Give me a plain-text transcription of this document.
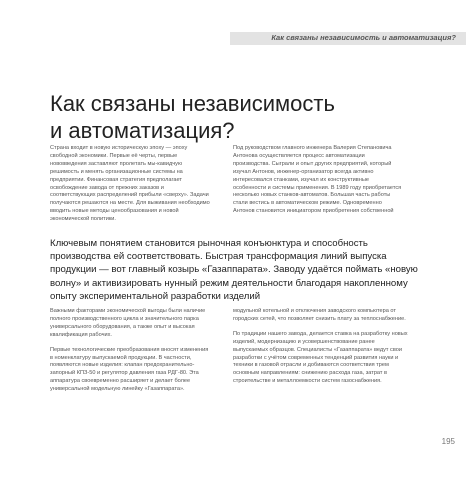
Как связаны независимость и автоматизация?
Как связаны независимость
и автоматизация?

Страна входит в новую историческую эпоху — эпоху свободной экономики. Первые её черты, первые нововведения заставляют пролетать мы-кавидчую решимость и менять организационные системы на предприятии. Финансовая стратегия предполагает освобождение завода от прежних заказов и соответствующих распределений прибыли «сверху». Задачи получаются решаются на месте. Для выживания необходимо вводить новые методы ценообразования и новой экономической политики.

Под руководством главного инженера Валерия Степановича Антонова осуществляется процесс автоматизации производства. Сыграли и опыт других предприятий, который изучал Антонов, инженер-организатор всегда активно интересовался станками, изучал их конструктивные особенности и системы применения. В 1989 году приобретается несколько новых станков-автоматов. Большая часть работы стали вестись в автоматическом режиме. Одновременно Антонов становится инициатором приобретения собственной

Ключевым понятием становится рыночная конъюнктура и способность производства ей соответствовать. Быстрая трансформация линий выпуска продукции — вот главный козырь «Газаппарата». Заводу удаётся поймать «новую волну» и активизировать нунный режим деятельности благодаря накопленному опыту экспериментальной разработки изделий

Важными факторами экономической выгоды были наличие полного производственного цикла и значительного парка универсального оборудования, а также опыт и высокая квалификация рабочих.

Первые технологические преобразования вносят изменения в номенклатуру выпускаемой продукции. В частности, появляются новые изделия: клапан предохранительно-запорный КПЗ-50 и регулятор давления газа РДГ-80. Эта аппаратура своевременно расширяет и делает более универсальной модельную линейку «Газаппарата».

модульной котельной и отключения заводского компьютера от городских сетей, что позволяет снизить плату за теплоснабжение.

По традиции нашего завода, делается ставка на разработку новых изделий, модернизацию и усовершенствование ранее выпускаемых образцов. Специалисты «Газаппарата» ведут свои разработки с учётом современных тенденций развития науки и техники в газовой отрасли и добиваются соответствия трем основным направлениям: снижению расхода газа, затрат в строительстве и металлоемкости систем газоснабжения.

195
